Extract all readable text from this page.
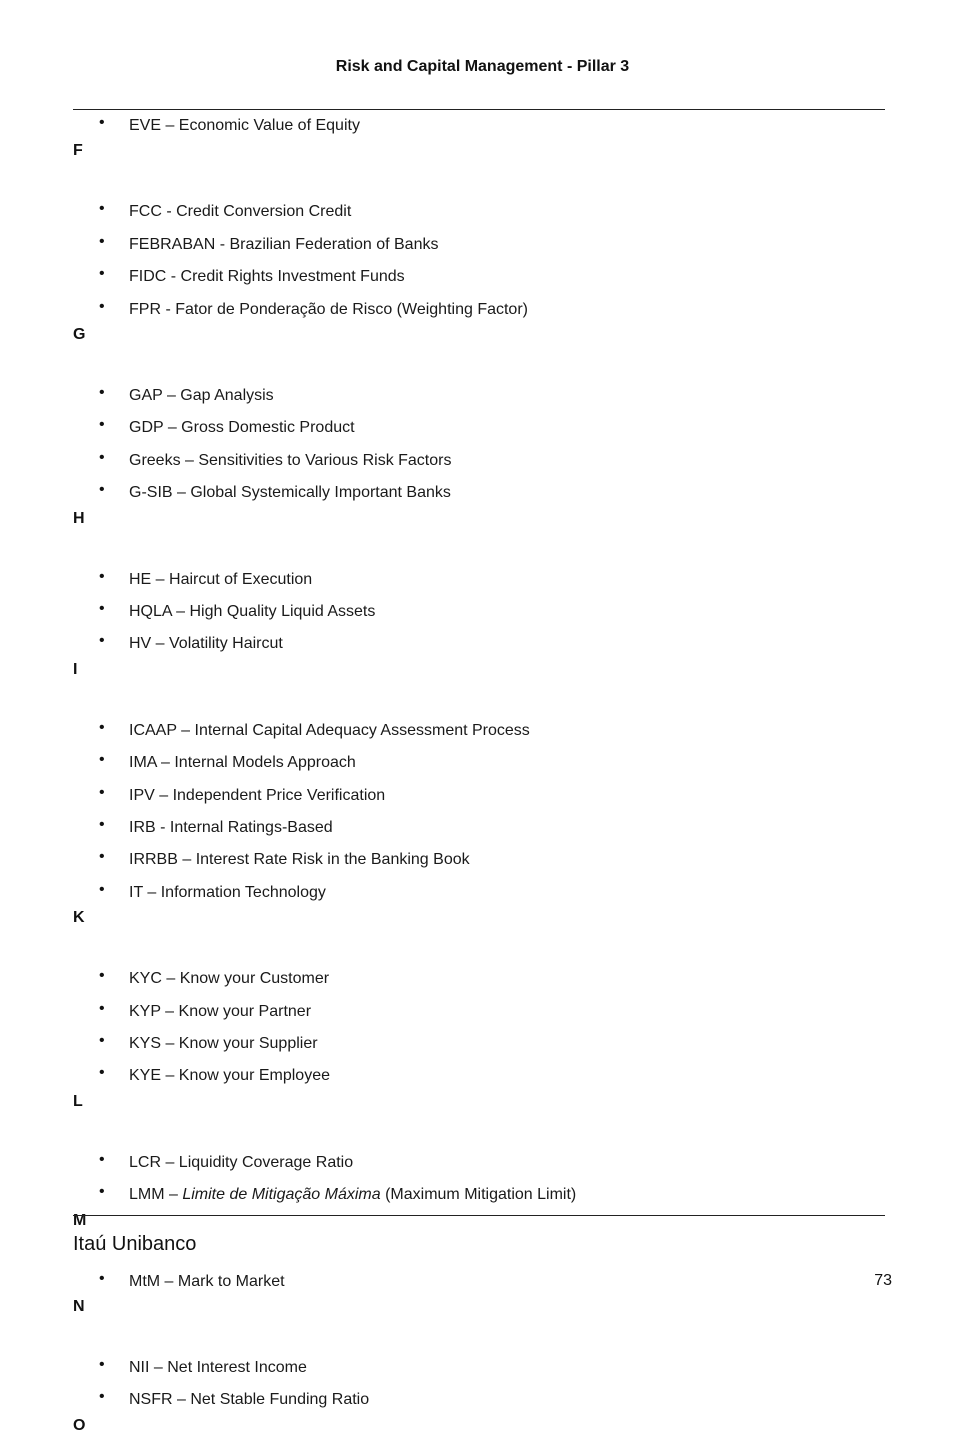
Risk and Capital Management - Pillar 3
• EVE – Economic Value of Equity
F
• FCC - Credit Conversion Credit
• FEBRABAN - Brazilian Federation of Banks
• FIDC - Credit Rights Investment Funds
• FPR - Fator de Ponderação de Risco (Weighting Factor)
G
• GAP – Gap Analysis
• GDP – Gross Domestic Product
• Greeks – Sensitivities to Various Risk Factors
• G-SIB – Global Systemically Important Banks
H
• HE – Haircut of Execution
• HQLA – High Quality Liquid Assets
• HV – Volatility Haircut
I
• ICAAP – Internal Capital Adequacy Assessment Process
• IMA – Internal Models Approach
• IPV – Independent Price Verification
• IRB - Internal Ratings-Based
• IRRBB – Interest Rate Risk in the Banking Book
• IT – Information Technology
K
• KYC – Know your Customer
• KYP – Know your Partner
• KYS – Know your Supplier
• KYE – Know your Employee
L
• LCR – Liquidity Coverage Ratio
• LMM – Limite de Mitigação Máxima (Maximum Mitigation Limit)
M
• MtM – Mark to Market
N
• NII – Net Interest Income
• NSFR – Net Stable Funding Ratio
O
Itaú Unibanco
73
